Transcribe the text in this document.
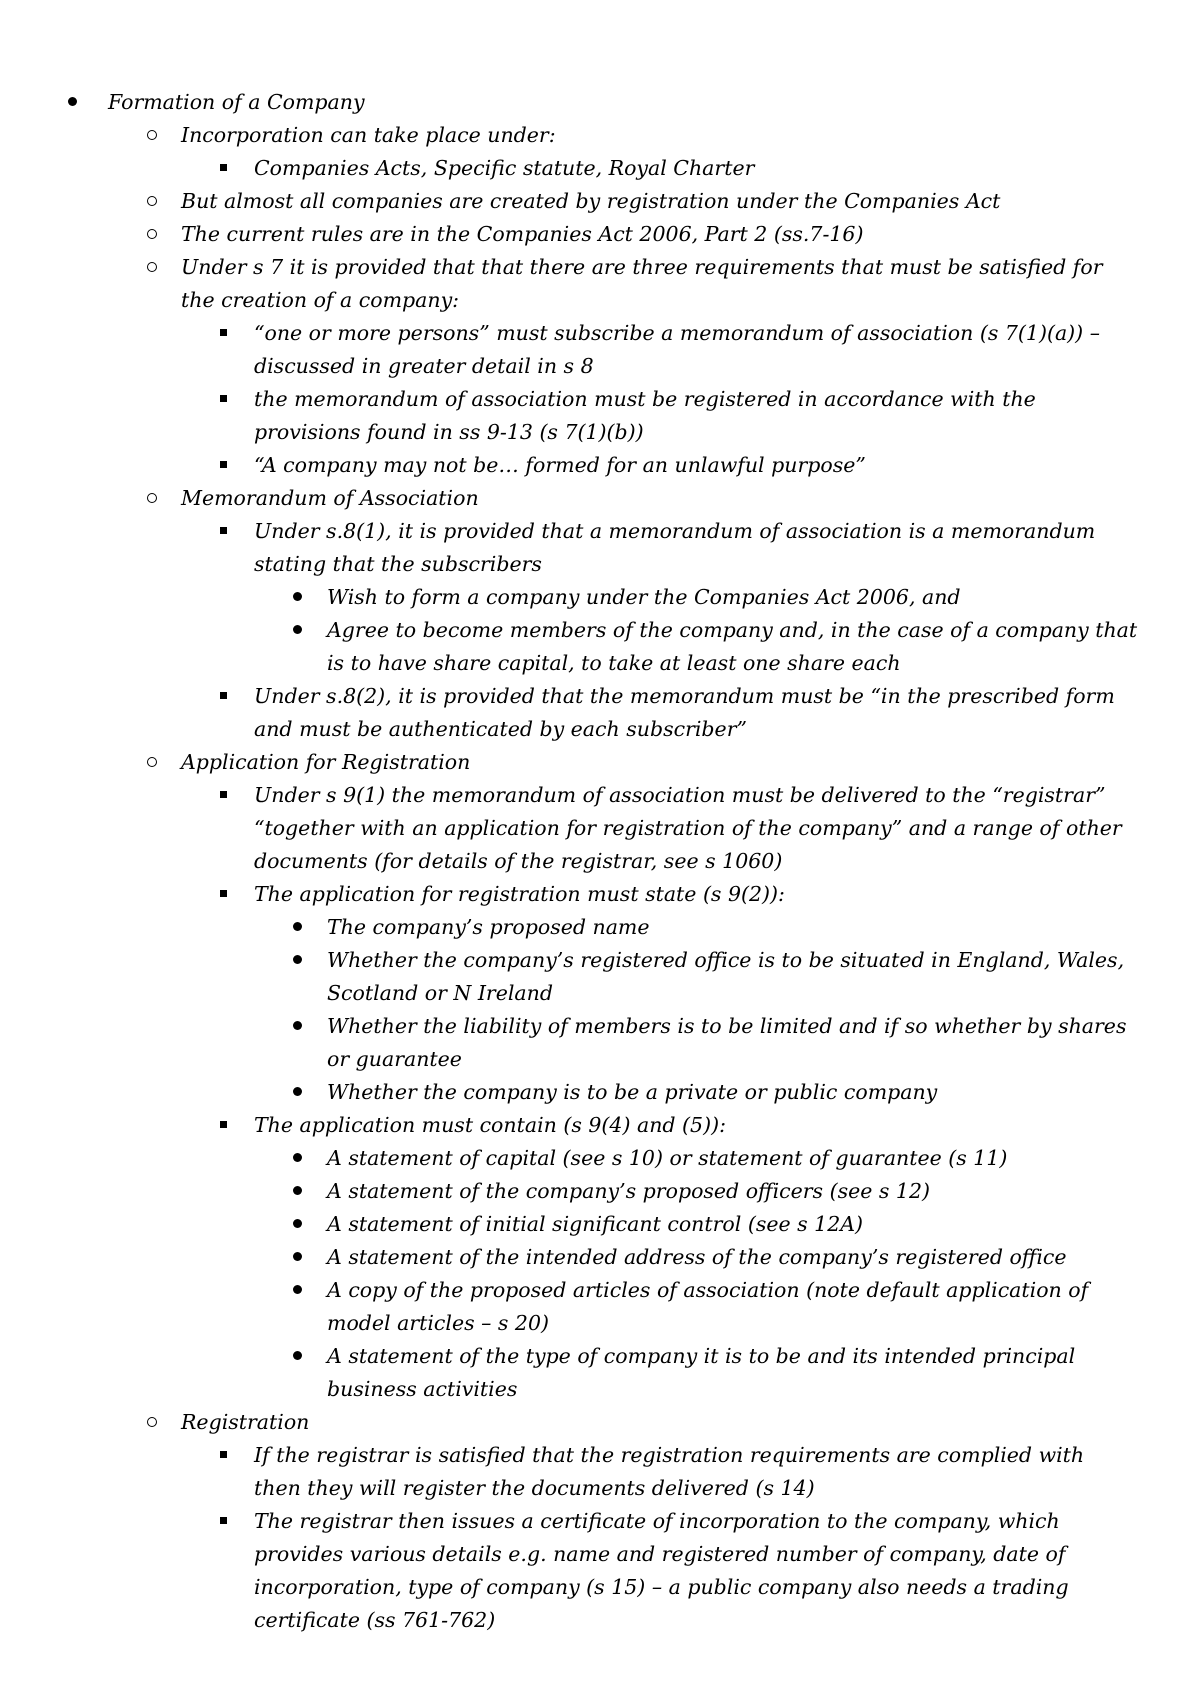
Formation of a Company
Incorporation can take place under:
Companies Acts, Specific statute, Royal Charter
But almost all companies are created by registration under the Companies Act
The current rules are in the Companies Act 2006, Part 2 (ss.7-16)
Under s 7 it is provided that that there are three requirements that must be satisfied for the creation of a company:
“one or more persons” must subscribe a memorandum of association (s 7(1)(a)) – discussed in greater detail in s 8
the memorandum of association must be registered in accordance with the provisions found in ss 9-13 (s 7(1)(b))
“A company may not be… formed for an unlawful purpose”
Memorandum of Association
Under s.8(1), it is provided that a memorandum of association is a memorandum stating that the subscribers
Wish to form a company under the Companies Act 2006, and
Agree to become members of the company and, in the case of a company that is to have share capital, to take at least one share each
Under s.8(2), it is provided that the memorandum must be “in the prescribed form and must be authenticated by each subscriber”
Application for Registration
Under s 9(1) the memorandum of association must be delivered to the “registrar” “together with an application for registration of the company” and a range of other documents (for details of the registrar, see s 1060)
The application for registration must state (s 9(2)):
The company’s proposed name
Whether the company’s registered office is to be situated in England, Wales, Scotland or N Ireland
Whether the liability of members is to be limited and if so whether by shares or guarantee
Whether the company is to be a private or public company
The application must contain (s 9(4) and (5)):
A statement of capital (see s 10) or statement of guarantee (s 11)
A statement of the company’s proposed officers (see s 12)
A statement of initial significant control (see s 12A)
A statement of the intended address of the company’s registered office
A copy of the proposed articles of association (note default application of model articles – s 20)
A statement of the type of company it is to be and its intended principal business activities
Registration
If the registrar is satisfied that the registration requirements are complied with then they will register the documents delivered (s 14)
The registrar then issues a certificate of incorporation to the company, which provides various details e.g. name and registered number of company, date of incorporation, type of company (s 15) – a public company also needs a trading certificate (ss 761-762)
